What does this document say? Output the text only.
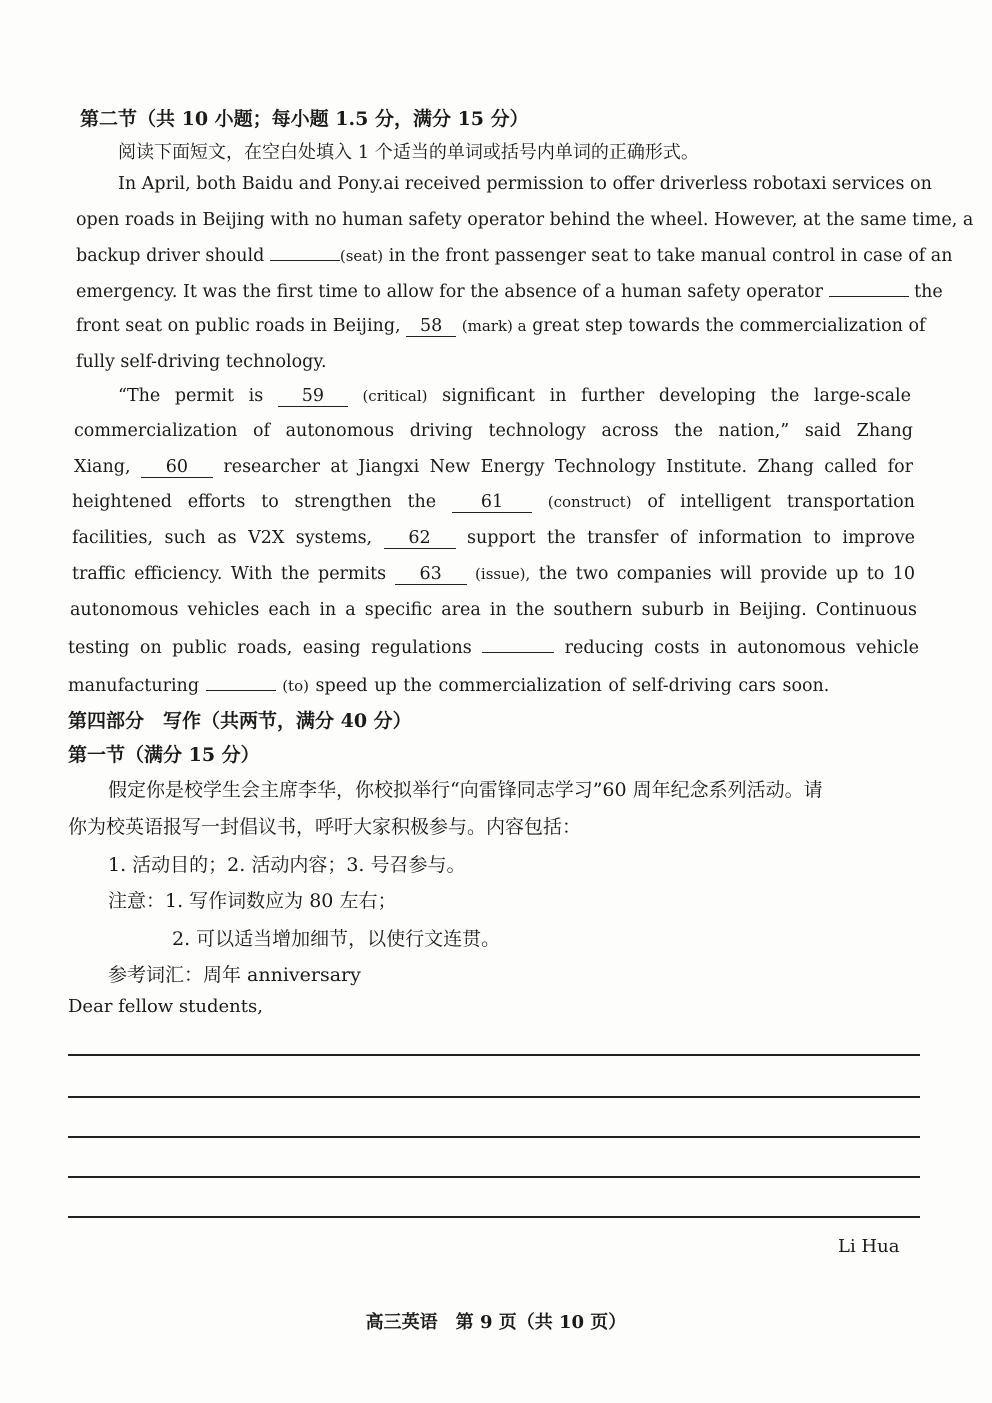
第二节（共 10 小题；每小题 1.5 分，满分 15 分）
阅读下面短文，在空白处填入 1 个适当的单词或括号内单词的正确形式。
In April, both Baidu and Pony.ai received permission to offer driverless robotaxi services on
open roads in Beijing with no human safety operator behind the wheel. However, at the same time, a
backup driver should	(seat) in the front passenger seat to take manual control in case of an
emergency. It was the first time to allow for the absence of a human safety operator	the
front seat on public roads in Beijing, 58 (mark) a great step towards the commercialization of
fully self-driving technology.
“The permit is 59	(critical) significant in further developing the large-scale
commercialization of autonomous driving technology across the nation,” said Zhang
Xiang, 60 researcher at Jiangxi New Energy Technology Institute. Zhang called for
heightened efforts to strengthen the	61	(construct) of intelligent transportation
facilities, such as V2X systems, 62 support the transfer of information to improve
traffic efficiency. With the permits 63 (issue), the two companies will provide up to 10
autonomous vehicles each in a specific area in the southern suburb in Beijing. Continuous
testing on public roads, easing regulations	reducing costs in autonomous vehicle
manufacturing	(to) speed up the commercialization of self-driving cars soon.
第四部分　写作（共两节，满分 40 分）
第一节（满分 15 分）
假定你是校学生会主席李华，你校拟举行“向雷锋同志学习”60 周年纪念系列活动。请
你为校英语报写一封倡议书，呼吁大家积极参与。内容包括：
1. 活动目的；2. 活动内容；3. 号召参与。
注意：1. 写作词数应为 80 左右；
2. 可以适当增加细节，以使行文连贯。
参考词汇：周年 anniversary
Dear fellow students,
Li Hua
高三英语　第 9 页（共 10 页）
